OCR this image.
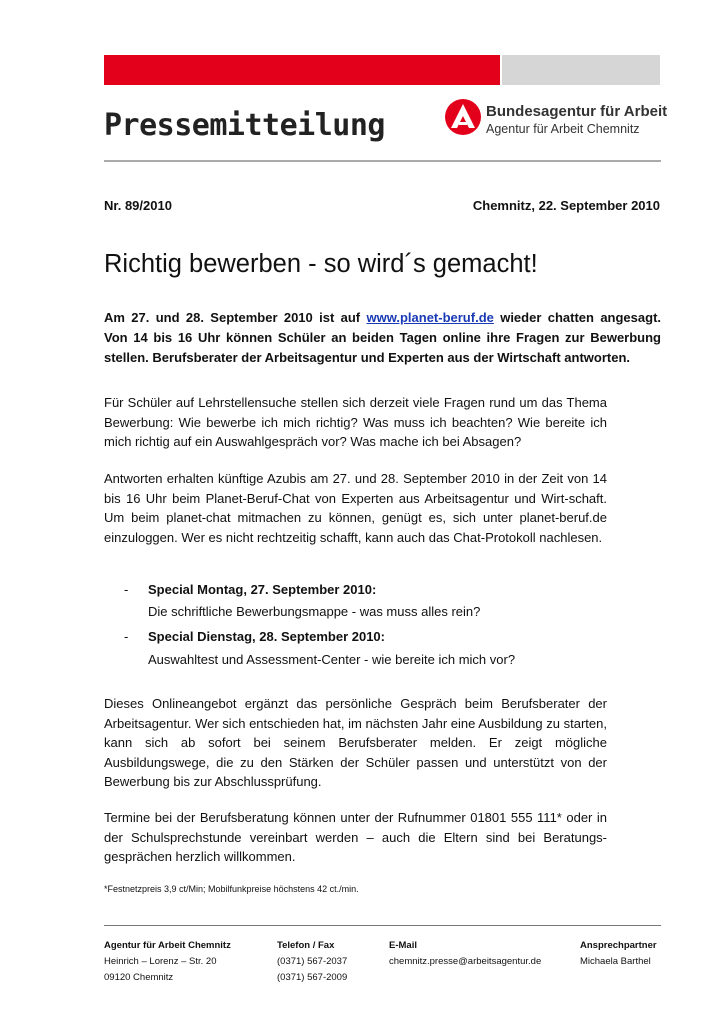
Pressemitteilung	Bundesagentur für Arbeit
Agentur für Arbeit Chemnitz
Nr. 89/2010	Chemnitz, 22. September 2010
Richtig bewerben - so wird´s gemacht!

Am 27. und 28. September 2010 ist auf www.planet-beruf.de wieder chatten angesagt.

Von 14 bis 16 Uhr können Schüler an beiden Tagen online ihre Fragen zur Bewerbung

stellen. Berufsberater der Arbeitsagentur und Experten aus der Wirtschaft antworten.

Für Schüler auf Lehrstellensuche stellen sich derzeit viele Fragen rund um das Thema Bewerbung: Wie bewerbe ich mich richtig? Was muss ich beachten? Wie bereite ich mich richtig auf ein Auswahlgespräch vor? Was mache ich bei Absagen?

Antworten erhalten künftige Azubis am 27. und 28. September 2010 in der Zeit von 14 bis 16 Uhr beim Planet-Beruf-Chat von Experten aus Arbeitsagentur und Wirt-schaft. Um beim planet-chat mitmachen zu können, genügt es, sich unter planet-beruf.de einzuloggen. Wer es nicht rechtzeitig schafft, kann auch das Chat-Protokoll nachlesen.

- Special Montag, 27. September 2010:
Die schriftliche Bewerbungsmappe - was muss alles rein?
- Special Dienstag, 28. September 2010:
Auswahltest und Assessment-Center - wie bereite ich mich vor?

Dieses Onlineangebot ergänzt das persönliche Gespräch beim Berufsberater der Arbeitsagentur. Wer sich entschieden hat, im nächsten Jahr eine Ausbildung zu starten, kann sich ab sofort bei seinem Berufsberater melden. Er zeigt mögliche Ausbildungswege, die zu den Stärken der Schüler passen und unterstützt von der Bewerbung bis zur Abschlussprüfung.

Termine bei der Berufsberatung können unter der Rufnummer 01801 555 111* oder in der Schulsprechstunde vereinbart werden – auch die Eltern sind bei Beratungs-gesprächen herzlich willkommen.

*Festnetzpreis 3,9 ct/Min; Mobilfunkpreise höchstens 42 ct./min.
Agentur für Arbeit Chemnitz
Heinrich – Lorenz – Str. 20
09120 Chemnitz
Telefon / Fax
(0371) 567-2037
(0371) 567-2009
E-Mail
chemnitz.presse@arbeitsagentur.de
Ansprechpartner
Michaela Barthel
